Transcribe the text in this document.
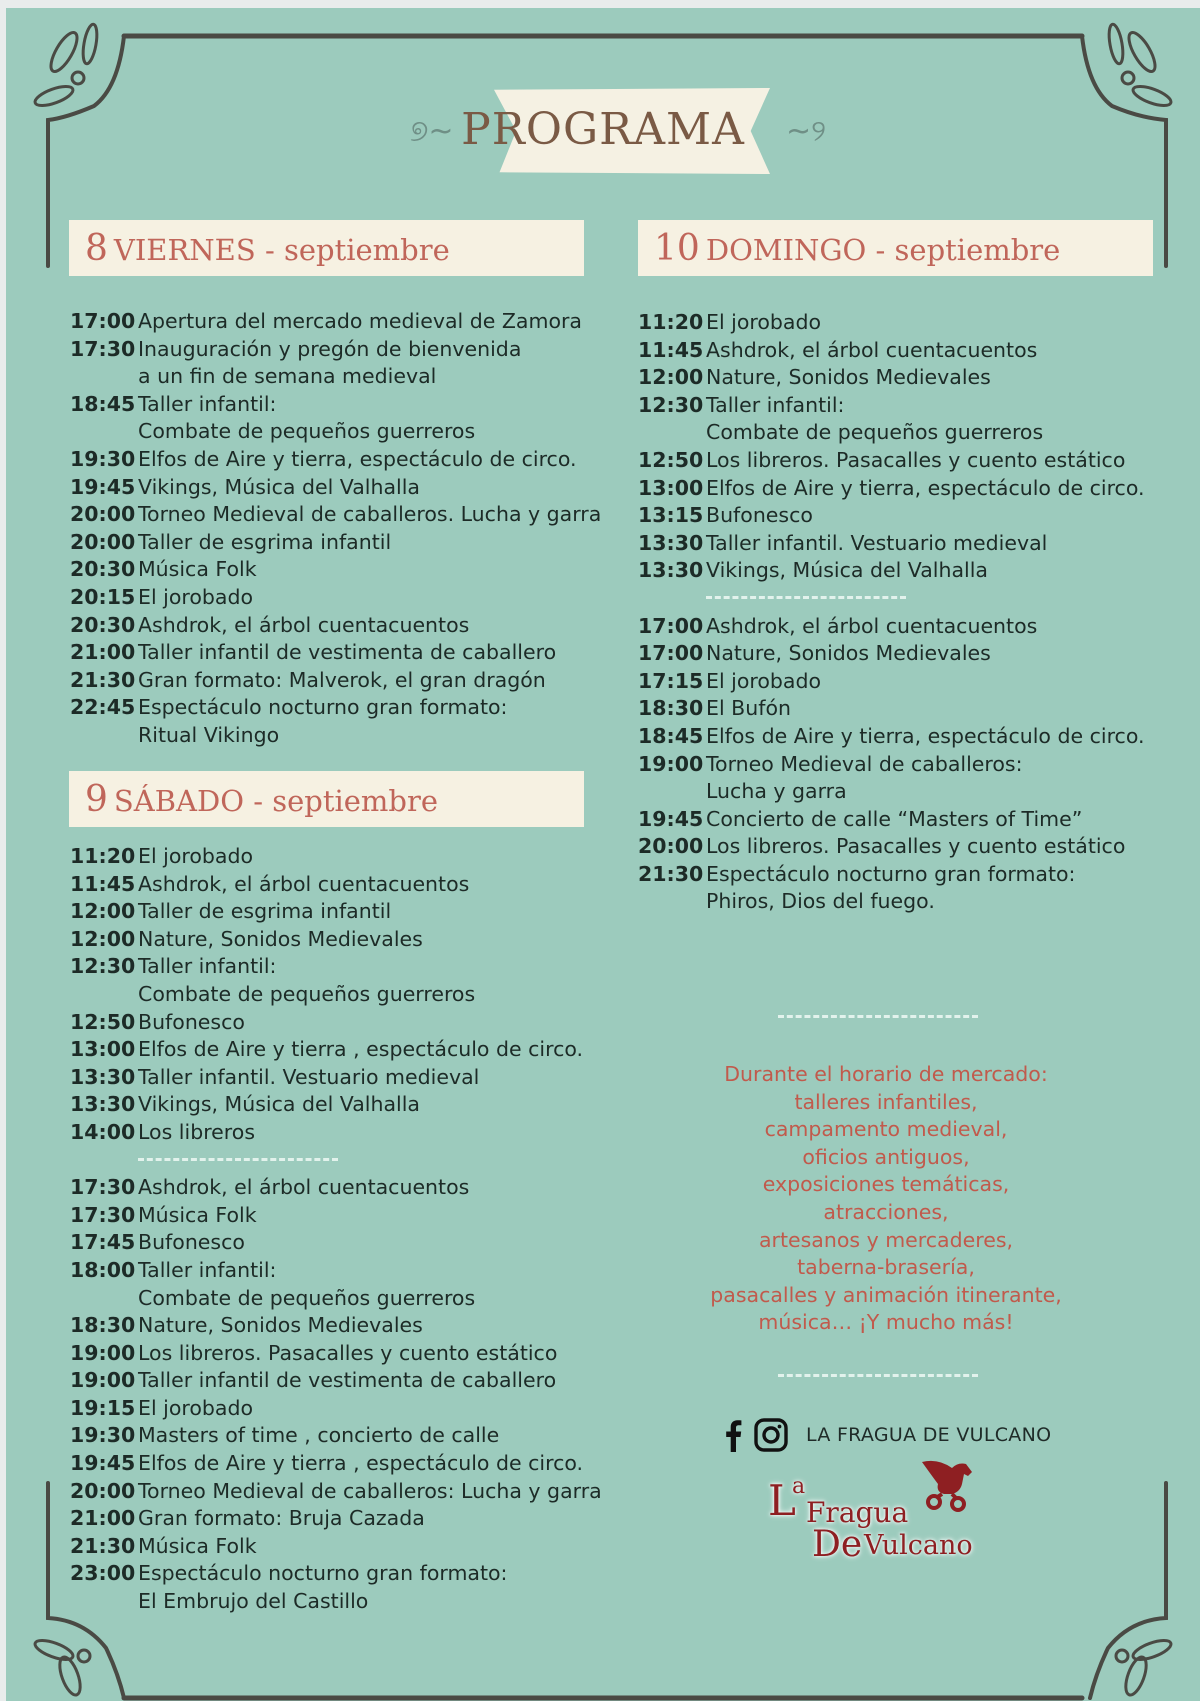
୭~	~୨
PROGRAMA
8 VIERNES - septiembre
17:00 Apertura del mercado medieval de Zamora
17:30 Inauguración y pregón de bienvenida
a un fin de semana medieval
18:45 Taller infantil:
Combate de pequeños guerreros
19:30 Elfos de Aire y tierra, espectáculo de circo.
19:45 Vikings, Música del Valhalla
20:00 Torneo Medieval de caballeros. Lucha y garra
20:00 Taller de esgrima infantil
20:30 Música Folk
20:15 El jorobado
20:30 Ashdrok, el árbol cuentacuentos
21:00 Taller infantil de vestimenta de caballero
21:30 Gran formato: Malverok, el gran dragón
22:45 Espectáculo nocturno gran formato:
Ritual Vikingo
9 SÁBADO - septiembre
11:20 El jorobado
11:45 Ashdrok, el árbol cuentacuentos
12:00 Taller de esgrima infantil
12:00 Nature, Sonidos Medievales
12:30 Taller infantil:
Combate de pequeños guerreros
12:50 Bufonesco
13:00 Elfos de Aire y tierra , espectáculo de circo.
13:30 Taller infantil. Vestuario medieval
13:30 Vikings, Música del Valhalla
14:00 Los libreros
17:30 Ashdrok, el árbol cuentacuentos
17:30 Música Folk
17:45 Bufonesco
18:00 Taller infantil:
Combate de pequeños guerreros
18:30 Nature, Sonidos Medievales
19:00 Los libreros. Pasacalles y cuento estático
19:00 Taller infantil de vestimenta de caballero
19:15 El jorobado
19:30 Masters of time , concierto de calle
19:45 Elfos de Aire y tierra , espectáculo de circo.
20:00 Torneo Medieval de caballeros: Lucha y garra
21:00 Gran formato: Bruja Cazada
21:30 Música Folk
23:00 Espectáculo nocturno gran formato:
El Embrujo del Castillo
10 DOMINGO - septiembre
11:20 El jorobado
11:45 Ashdrok, el árbol cuentacuentos
12:00 Nature, Sonidos Medievales
12:30 Taller infantil:
Combate de pequeños guerreros
12:50 Los libreros. Pasacalles y cuento estático
13:00 Elfos de Aire y tierra, espectáculo de circo.
13:15 Bufonesco
13:30 Taller infantil. Vestuario medieval
13:30 Vikings, Música del Valhalla
17:00 Ashdrok, el árbol cuentacuentos
17:00 Nature, Sonidos Medievales
17:15 El jorobado
18:30 El Bufón
18:45 Elfos de Aire y tierra, espectáculo de circo.
19:00 Torneo Medieval de caballeros:
Lucha y garra
19:45 Concierto de calle “Masters of Time”
20:00 Los libreros. Pasacalles y cuento estático
21:30 Espectáculo nocturno gran formato:
Phiros, Dios del fuego.
Durante el horario de mercado:
talleres infantiles,
campamento medieval,
oficios antiguos,
exposiciones temáticas,
atracciones,
artesanos y mercaderes,
taberna-brasería,
pasacalles y animación itinerante,
música… ¡Y mucho más!
LA FRAGUA DE VULCANO
L
a
Fragua
De Vulcano
